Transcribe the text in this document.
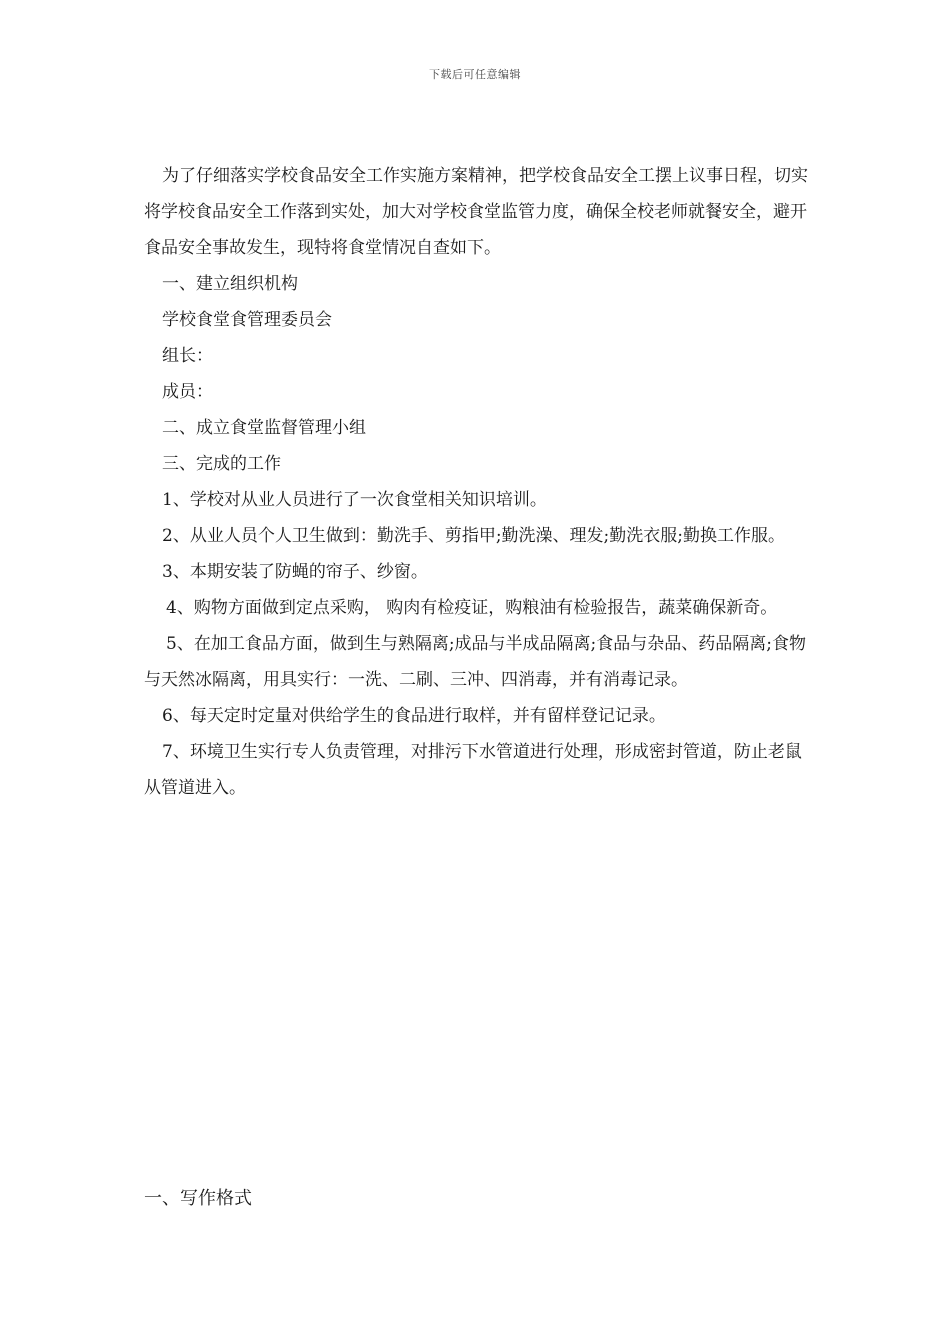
下载后可任意编辑

为了仔细落实学校食品安全工作实施方案精神，把学校食品安全工摆上议事日程，切实将学校食品安全工作落到实处，加大对学校食堂监管力度，确保全校老师就餐安全，避开食品安全事故发生，现特将食堂情况自查如下。

一、建立组织机构

学校食堂食管理委员会

组长：

成员：

二、成立食堂监督管理小组

三、完成的工作

1、学校对从业人员进行了一次食堂相关知识培训。

2、从业人员个人卫生做到：勤洗手、剪指甲;勤洗澡、理发;勤洗衣服;勤换工作服。

3、本期安装了防蝇的帘子、纱窗。

4、购物方面做到定点采购， 购肉有检疫证，购粮油有检验报告，蔬菜确保新奇。

5、在加工食品方面，做到生与熟隔离;成品与半成品隔离;食品与杂品、药品隔离;食物与天然冰隔离，用具实行：一洗、二刷、三冲、四消毒，并有消毒记录。

6、每天定时定量对供给学生的食品进行取样，并有留样登记记录。

7、环境卫生实行专人负责管理，对排污下水管道进行处理，形成密封管道，防止老鼠从管道进入。

一、写作格式
